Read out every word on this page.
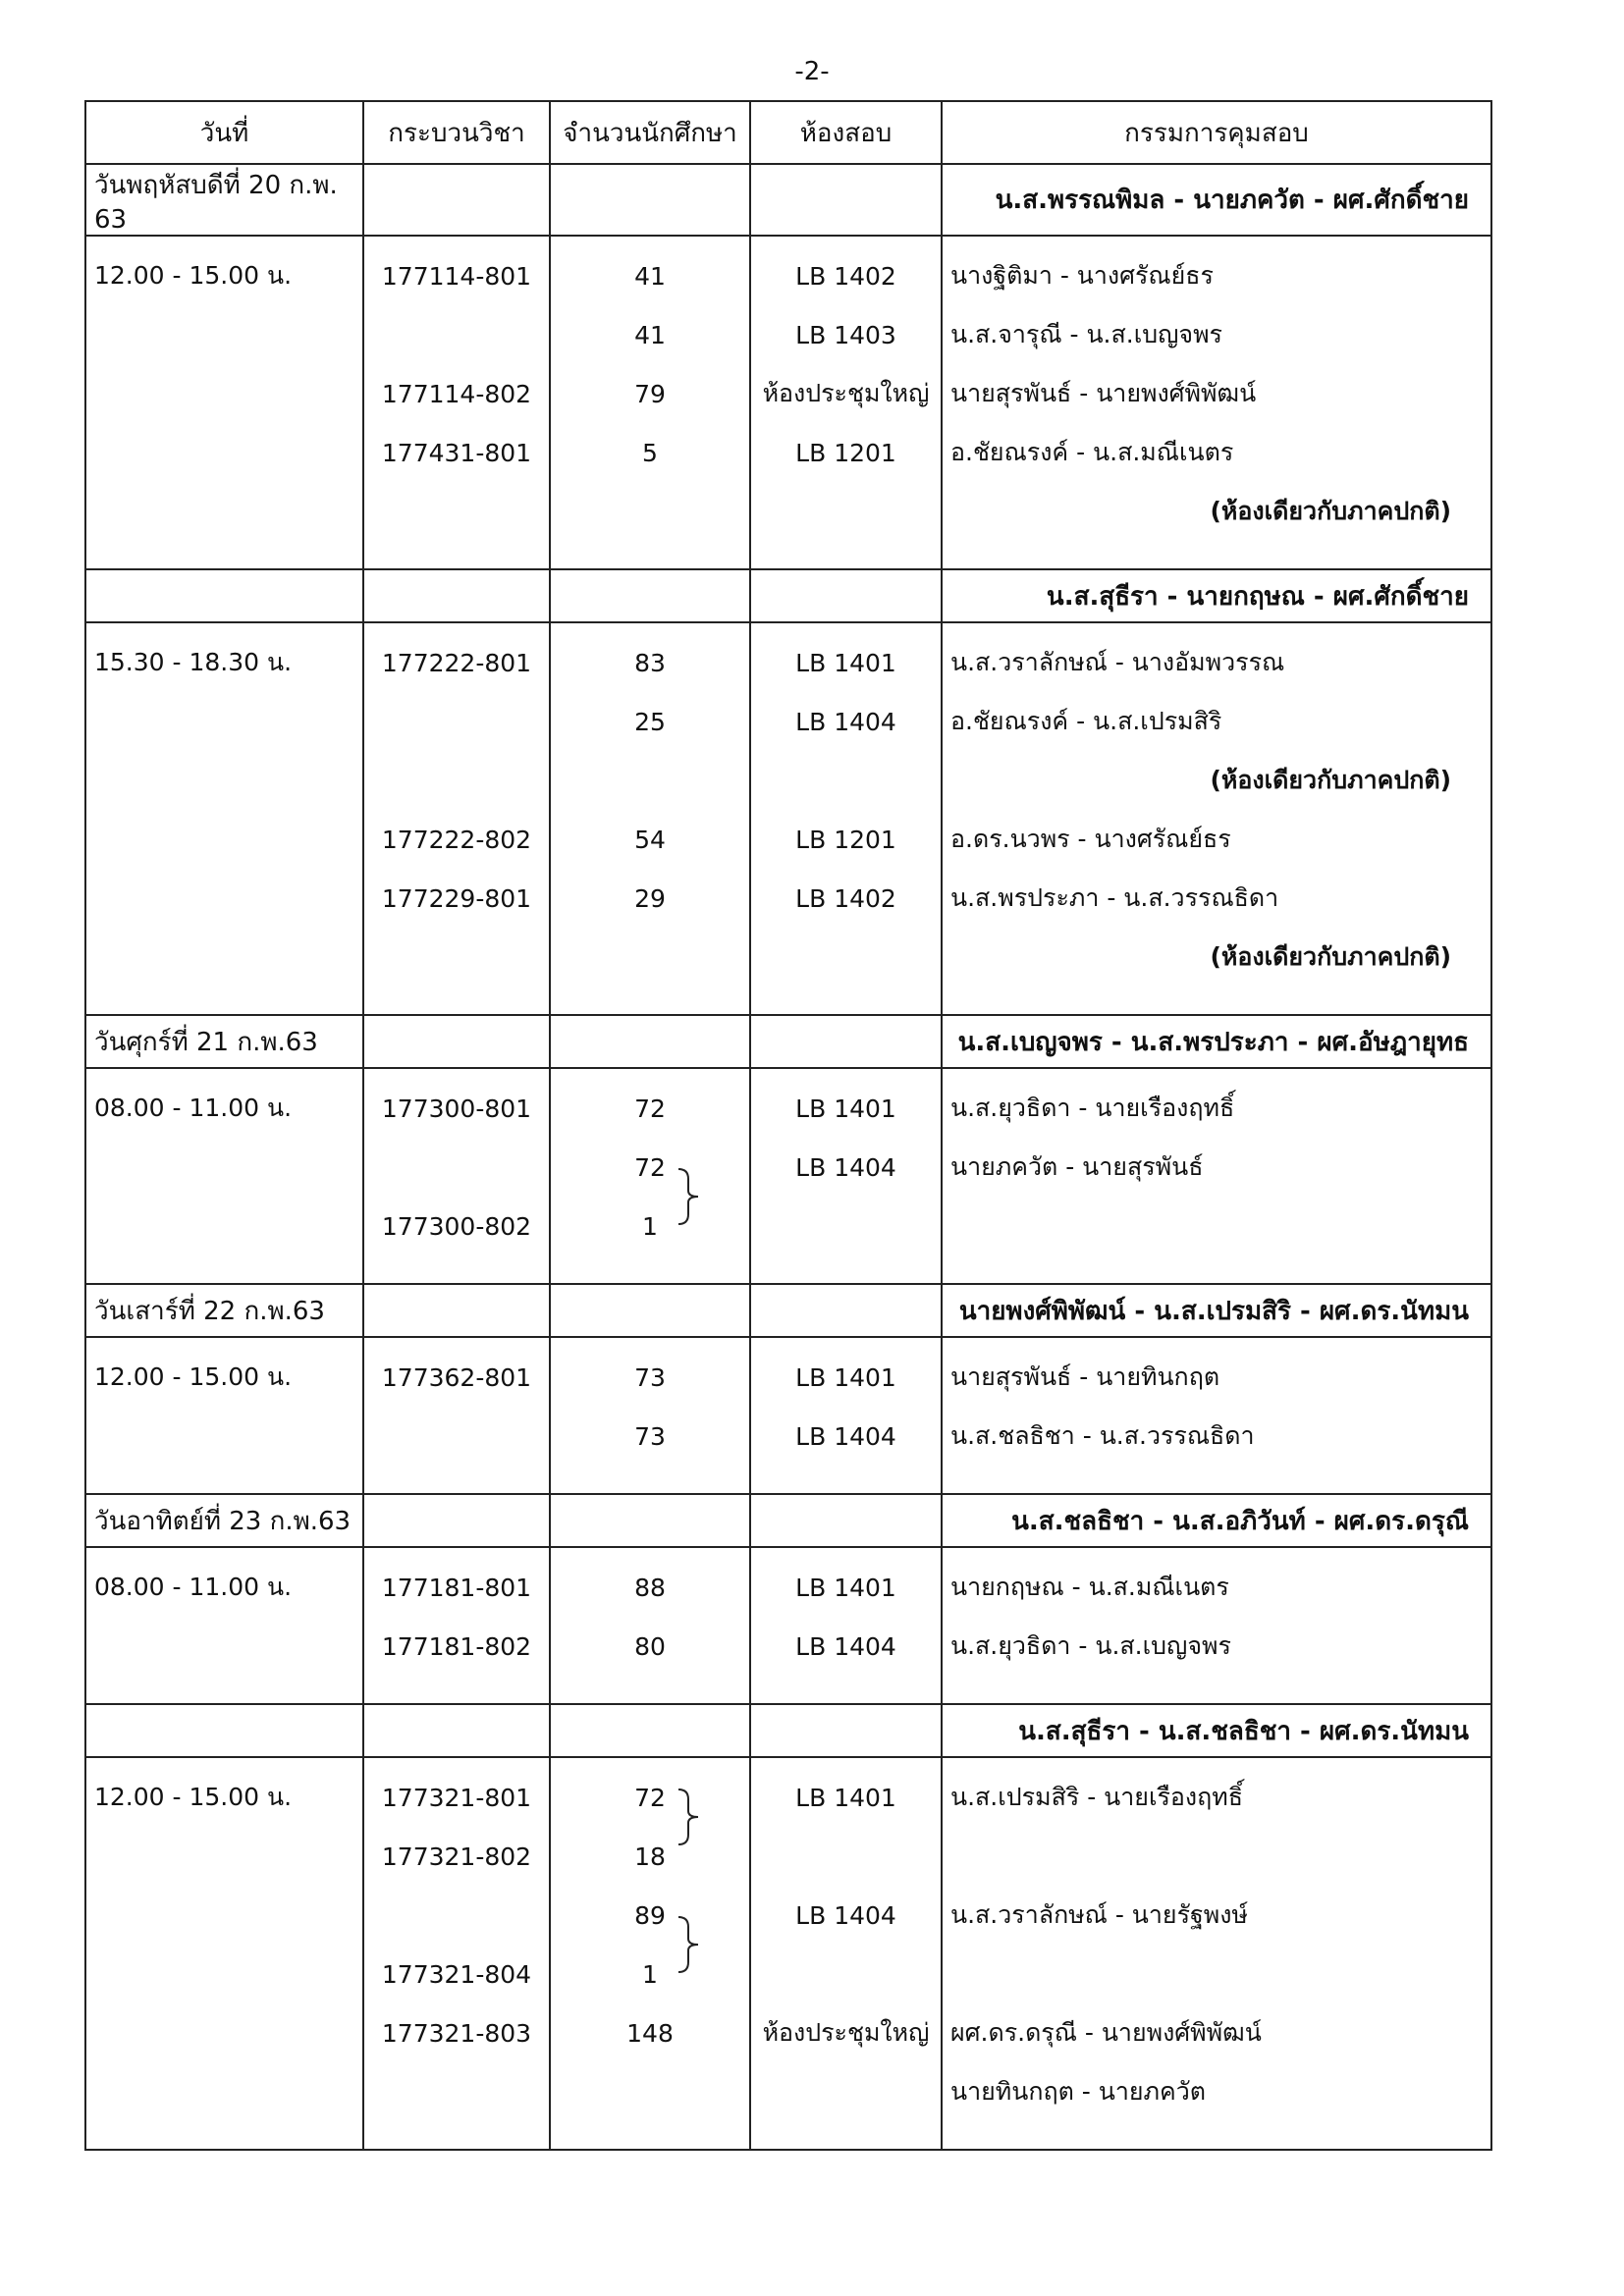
-2-
วันที่	กระบวนวิชา	จำนวนนักศึกษา	ห้องสอบ	กรรมการคุมสอบ
วันพฤหัสบดีที่ 20 ก.พ. 63				น.ส.พรรณพิมล - นายภควัต - ผศ.ศักดิ์ชาย
12.00 - 15.00 น.	177114-801	41	LB 1402	นางฐิติมา - นางศรัณย์ธร
		41	LB 1403	น.ส.จารุณี - น.ส.เบญจพร
	177114-802	79	ห้องประชุมใหญ่	นายสุรพันธ์ - นายพงศ์พิพัฒน์
	177431-801	5	LB 1201	อ.ชัยณรงค์ - น.ส.มณีเนตร
				(ห้องเดียวกับภาคปกติ)

				น.ส.สุธีรา - นายกฤษณ - ผศ.ศักดิ์ชาย
15.30 - 18.30 น.	177222-801	83	LB 1401	น.ส.วราลักษณ์ - นางอัมพวรรณ
		25	LB 1404	อ.ชัยณรงค์ - น.ส.เปรมสิริ
				(ห้องเดียวกับภาคปกติ)
	177222-802	54	LB 1201	อ.ดร.นวพร - นางศรัณย์ธร
	177229-801	29	LB 1402	น.ส.พรประภา - น.ส.วรรณธิดา
				(ห้องเดียวกับภาคปกติ)

วันศุกร์ที่ 21 ก.พ.63				น.ส.เบญจพร - น.ส.พรประภา - ผศ.อัษฎายุทธ
08.00 - 11.00 น.	177300-801	72	LB 1401	น.ส.ยุวธิดา - นายเรืองฤทธิ์
		72	LB 1404	นายภควัต - นายสุรพันธ์
	177300-802	1		

วันเสาร์ที่ 22 ก.พ.63				นายพงศ์พิพัฒน์ - น.ส.เปรมสิริ - ผศ.ดร.นัทมน
12.00 - 15.00 น.	177362-801	73	LB 1401	นายสุรพันธ์ - นายทินกฤต
		73	LB 1404	น.ส.ชลธิชา - น.ส.วรรณธิดา

วันอาทิตย์ที่ 23 ก.พ.63				น.ส.ชลธิชา - น.ส.อภิวันท์ - ผศ.ดร.ดรุณี
08.00 - 11.00 น.	177181-801	88	LB 1401	นายกฤษณ - น.ส.มณีเนตร
	177181-802	80	LB 1404	น.ส.ยุวธิดา - น.ส.เบญจพร

				น.ส.สุธีรา - น.ส.ชลธิชา - ผศ.ดร.นัทมน
12.00 - 15.00 น.	177321-801	72	LB 1401	น.ส.เปรมสิริ - นายเรืองฤทธิ์
	177321-802	18		
		89	LB 1404	น.ส.วราลักษณ์ - นายรัฐพงษ์
	177321-804	1		
	177321-803	148	ห้องประชุมใหญ่	ผศ.ดร.ดรุณี - นายพงศ์พิพัฒน์
				นายทินกฤต - นายภควัต
